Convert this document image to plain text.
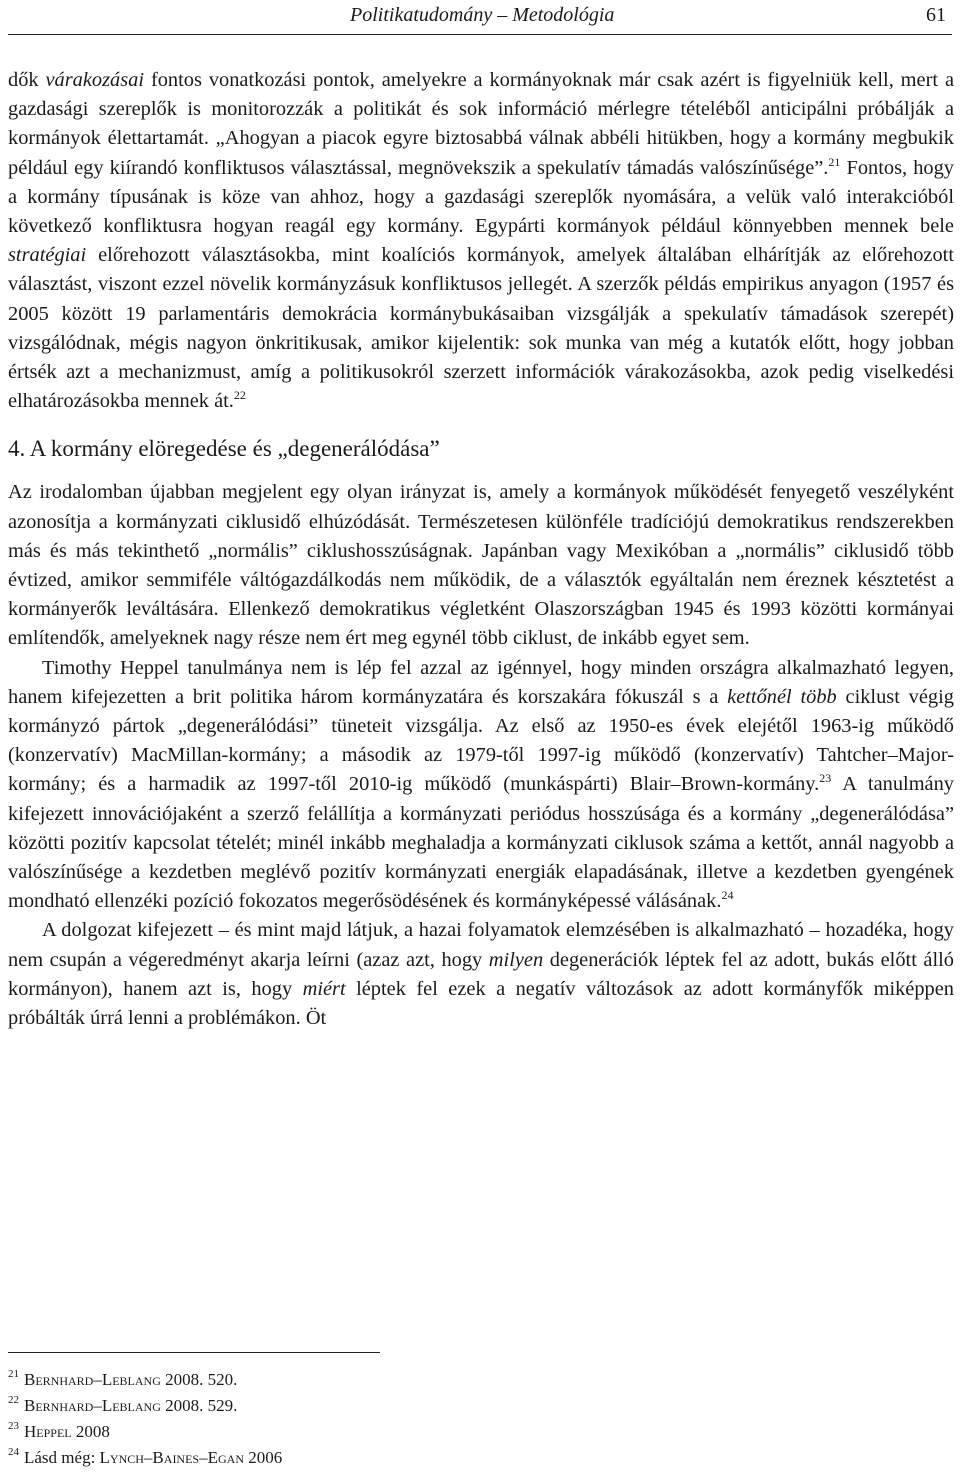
Politikatudomány – Metodológia	61

dők várakozásai fontos vonatkozási pontok, amelyekre a kormányoknak már csak azért is figyelniük kell, mert a gazdasági szereplők is monitorozzák a politikát és sok információ mérlegre tételéből anticipálni próbálják a kormányok élettartamát. „Ahogyan a piacok egyre biztosabbá válnak abbéli hitükben, hogy a kormány megbukik például egy kiírandó konfliktusos választással, megnövekszik a spekulatív támadás valószínűsége”.$^{21}$ Fontos, hogy a kormány típusának is köze van ahhoz, hogy a gazdasági szereplők nyomására, a velük való interakcióból következő konfliktusra hogyan reagál egy kormány. Egypárti kormányok például könnyebben mennek bele stratégiai előrehozott választásokba, mint koalíciós kormányok, amelyek általában elhárítják az előrehozott választást, viszont ezzel növelik kormányzásuk konfliktusos jellegét. A szerzők példás empirikus anyagon (1957 és 2005 között 19 parlamentáris demokrácia kormánybukásaiban vizsgálják a spekulatív támadások szerepét) vizsgálódnak, mégis nagyon önkritikusak, amikor kijelentik: sok munka van még a kutatók előtt, hogy jobban értsék azt a mechanizmust, amíg a politikusokról szerzett információk várakozásokba, azok pedig viselkedési elhatározásokba mennek át.$^{22}$

4. A kormány elöregedése és „degenerálódása”

Az irodalomban újabban megjelent egy olyan irányzat is, amely a kormányok működését fenyegető veszélyként azonosítja a kormányzati ciklusidő elhúzódását. Természetesen különféle tradíciójú demokratikus rendszerekben más és más tekinthető „normális” ciklushosszúságnak. Japánban vagy Mexikóban a „normális” ciklusidő több évtized, amikor semmiféle váltógazdálkodás nem működik, de a választók egyáltalán nem éreznek késztetést a kormányerők leváltására. Ellenkező demokratikus végletként Olaszországban 1945 és 1993 közötti kormányai említendők, amelyeknek nagy része nem ért meg egynél több ciklust, de inkább egyet sem.

Timothy Heppel tanulmánya nem is lép fel azzal az igénnyel, hogy minden országra alkalmazható legyen, hanem kifejezetten a brit politika három kormányzatára és korszakára fókuszál s a kettőnél több ciklust végig kormányzó pártok „degenerálódási” tüneteit vizsgálja. Az első az 1950-es évek elejétől 1963-ig működő (konzervatív) MacMillan-kormány; a második az 1979-től 1997-ig működő (konzervatív) Tahtcher–Major-kormány; és a harmadik az 1997-től 2010-ig működő (munkáspárti) Blair–Brown-kormány.$^{23}$ A tanulmány kifejezett innovációjaként a szerző felállítja a kormányzati periódus hosszúsága és a kormány „degenerálódása” közötti pozitív kapcsolat tételét; minél inkább meghaladja a kormányzati ciklusok száma a kettőt, annál nagyobb a valószínűsége a kezdetben meglévő pozitív kormányzati energiák elapadásának, illetve a kezdetben gyengének mondható ellenzéki pozíció fokozatos megerősödésének és kormányképessé válásának.$^{24}$

A dolgozat kifejezett – és mint majd látjuk, a hazai folyamatok elemzésében is alkalmazható – hozadéka, hogy nem csupán a végeredményt akarja leírni (azaz azt, hogy milyen degenerációk léptek fel az adott, bukás előtt álló kormányon), hanem azt is, hogy miért léptek fel ezek a negatív változások az adott kormányfők miképpen próbálták úrrá lenni a problémákon. Öt

21 Bernhard–Leblang 2008. 520.
22 Bernhard–Leblang 2008. 529.
23 Heppel 2008
24 Lásd még: Lynch–Baines–Egan 2006
